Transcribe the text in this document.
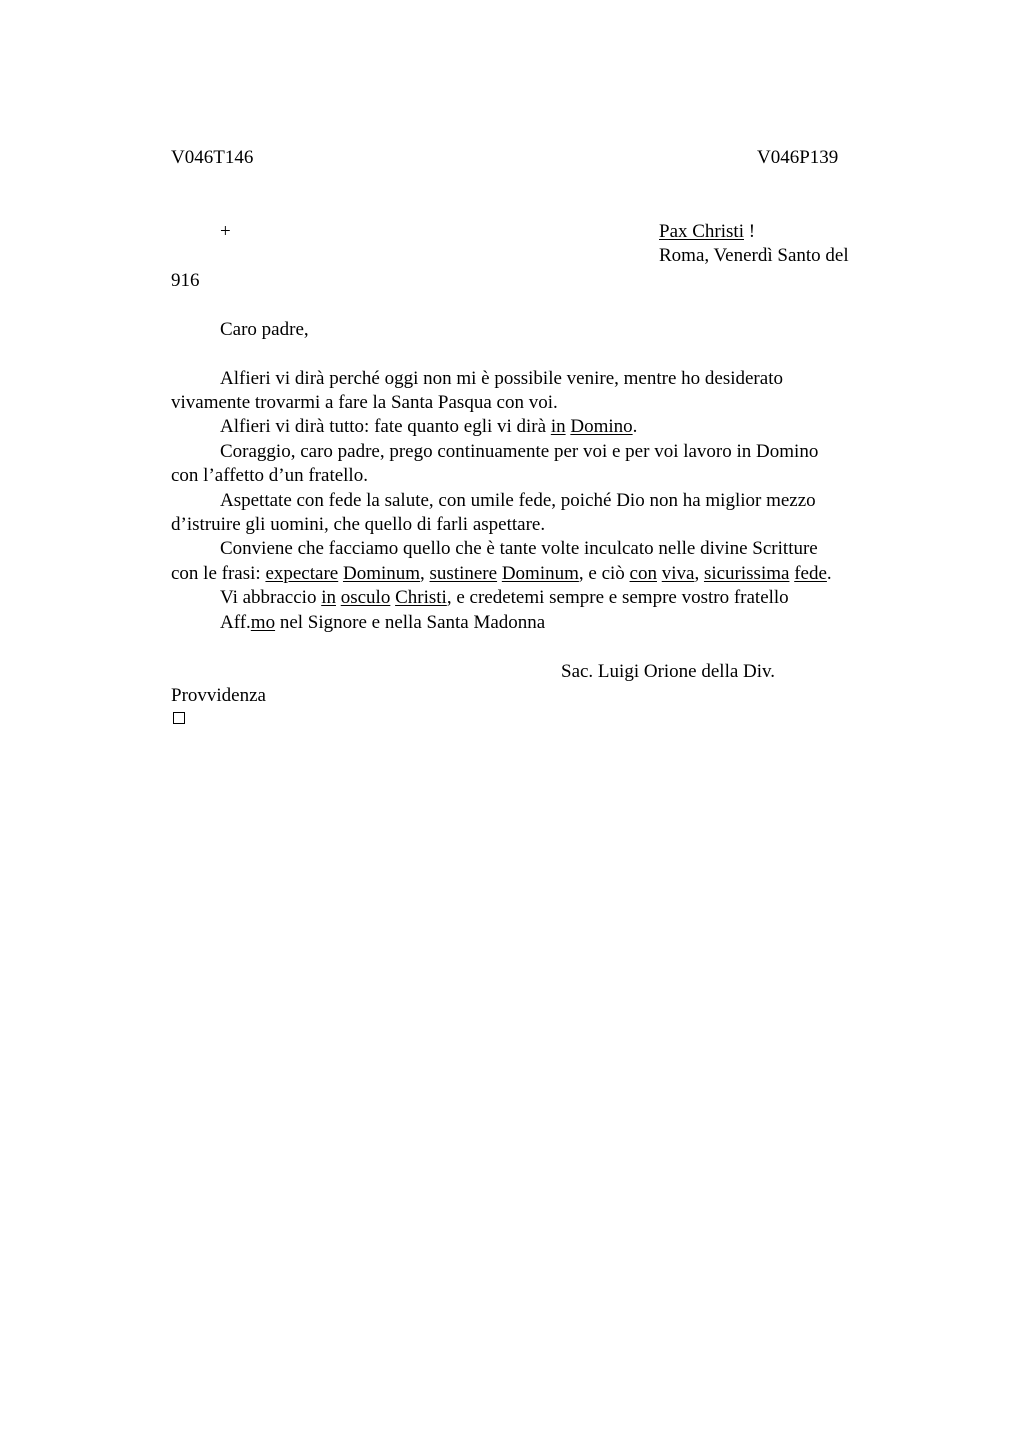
V046T146	V046P139
+	Pax Christi !
Roma, Venerdì Santo del
916
Caro padre,
Alfieri vi dirà perché oggi non mi è possibile venire, mentre ho desiderato
vivamente trovarmi a fare la Santa Pasqua con voi.
Alfieri vi dirà tutto: fate quanto egli vi dirà in Domino.
Coraggio, caro padre, prego continuamente per voi e per voi lavoro in Domino
con l’affetto d’un fratello.
Aspettate con fede la salute, con umile fede, poiché Dio non ha miglior mezzo
d’istruire gli uomini, che quello di farli aspettare.
Conviene che facciamo quello che è tante volte inculcato nelle divine Scritture
con le frasi: expectare Dominum, sustinere Dominum, e ciò con viva, sicurissima fede.
Vi abbraccio in osculo Christi, e credetemi sempre e sempre vostro fratello
Aff.mo nel Signore e nella Santa Madonna
Sac. Luigi Orione della Div.
Provvidenza
